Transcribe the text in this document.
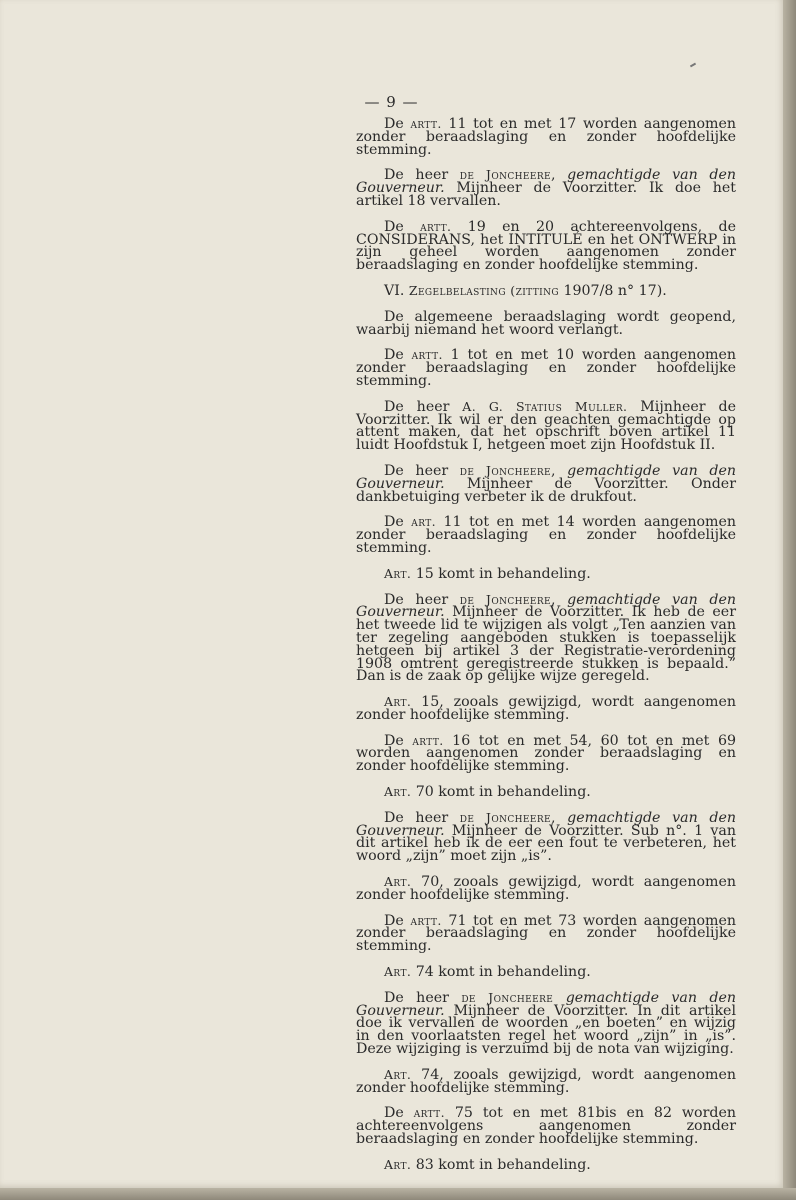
— 9 —

De artt. 11 tot en met 17 worden aangenomen zonder beraadslaging en zonder hoofdelijke stemming.

De heer de Joncheere, gemachtigde van den Gouverneur. Mijnheer de Voorzitter. Ik doe het artikel 18 vervallen.

De artt. 19 en 20 achtereenvolgens, de CONSIDERANS, het INTITULÉ en het ONTWERP in zijn geheel worden aangenomen zonder beraadslaging en zonder hoofdelijke stemming.

VI. Zegelbelasting (zitting 1907/8 n° 17).

De algemeene beraadslaging wordt geopend, waarbij niemand het woord verlangt.

De artt. 1 tot en met 10 worden aangenomen zonder beraadslaging en zonder hoofdelijke stemming.

De heer A. G. Statius Muller. Mijnheer de Voorzitter. Ik wil er den geachten gemachtigde op attent maken, dat het opschrift boven artikel 11 luidt Hoofdstuk I, hetgeen moet zijn Hoofdstuk II.

De heer de Joncheere, gemachtigde van den Gouverneur. Mijnheer de Voorzitter. Onder dankbetuiging verbeter ik de drukfout.

De art. 11 tot en met 14 worden aangenomen zonder beraadslaging en zonder hoofdelijke stemming.

Art. 15 komt in behandeling.

De heer de Joncheere, gemachtigde van den Gouverneur. Mijnheer de Voorzitter. Ik heb de eer het tweede lid te wijzigen als volgt „Ten aanzien van ter zegeling aangeboden stukken is toepasselijk hetgeen bij artikel 3 der Registratie-verordening 1908 omtrent geregistreerde stukken is bepaald.” Dan is de zaak op gelijke wijze geregeld.

Art. 15, zooals gewijzigd, wordt aangenomen zonder hoofdelijke stemming.

De artt. 16 tot en met 54, 60 tot en met 69 worden aangenomen zonder beraadslaging en zonder hoofdelijke stemming.

Art. 70 komt in behandeling.

De heer de Joncheere, gemachtigde van den Gouverneur. Mijnheer de Voorzitter. Sub n°. 1 van dit artikel heb ik de eer een fout te verbeteren, het woord „zijn” moet zijn „is”.

Art. 70, zooals gewijzigd, wordt aangenomen zonder hoofdelijke stemming.

De artt. 71 tot en met 73 worden aangenomen zonder beraadslaging en zonder hoofdelijke stemming.

Art. 74 komt in behandeling.

De heer de Joncheere gemachtigde van den Gouverneur. Mijnheer de Voorzitter. In dit artikel doe ik vervallen de woorden „en boeten” en wijzig in den voorlaatsten regel het woord „zijn” in „is”. Deze wijziging is verzuimd bij de nota van wijziging.

Art. 74, zooals gewijzigd, wordt aangenomen zonder hoofdelijke stemming.

De artt. 75 tot en met 81bis en 82 worden achtereenvolgens aangenomen zonder beraadslaging en zonder hoofdelijke stemming.

Art. 83 komt in behandeling.
